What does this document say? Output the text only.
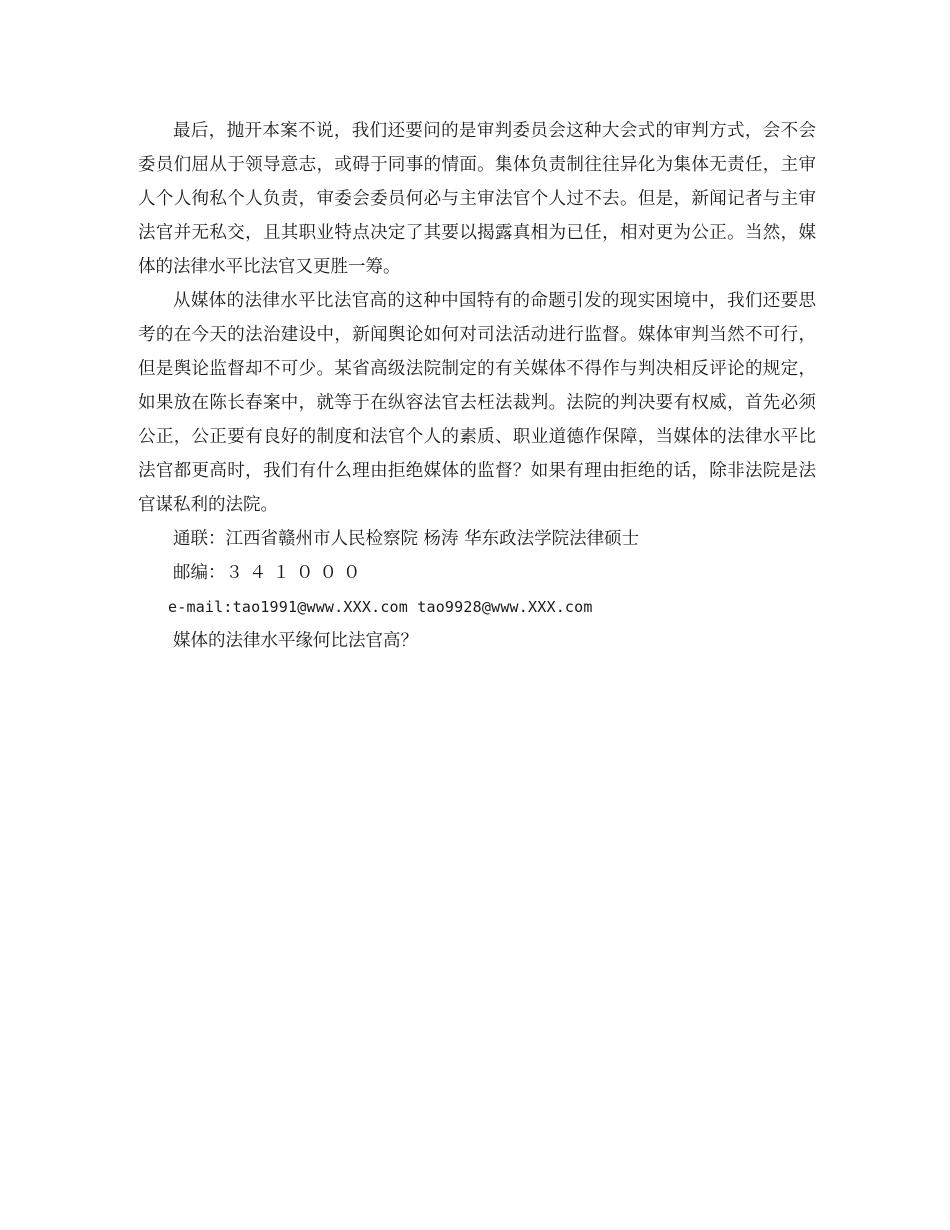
最后，抛开本案不说，我们还要问的是审判委员会这种大会式的审判方式，会不会委员们屈从于领导意志，或碍于同事的情面。集体负责制往往异化为集体无责任，主审人个人徇私个人负责，审委会委员何必与主审法官个人过不去。但是，新闻记者与主审法官并无私交，且其职业特点决定了其要以揭露真相为已任，相对更为公正。当然，媒体的法律水平比法官又更胜一筹。

从媒体的法律水平比法官高的这种中国特有的命题引发的现实困境中，我们还要思考的在今天的法治建设中，新闻舆论如何对司法活动进行监督。媒体审判当然不可行，但是舆论监督却不可少。某省高级法院制定的有关媒体不得作与判决相反评论的规定，如果放在陈长春案中，就等于在纵容法官去枉法裁判。法院的判决要有权威，首先必须公正，公正要有良好的制度和法官个人的素质、职业道德作保障，当媒体的法律水平比法官都更高时，我们有什么理由拒绝媒体的监督？如果有理由拒绝的话，除非法院是法官谋私利的法院。

通联：江西省赣州市人民检察院 杨涛 华东政法学院法律硕士

邮编：３４１０００

e-mail:tao1991@www.XXX.com tao9928@www.XXX.com

媒体的法律水平缘何比法官高？
